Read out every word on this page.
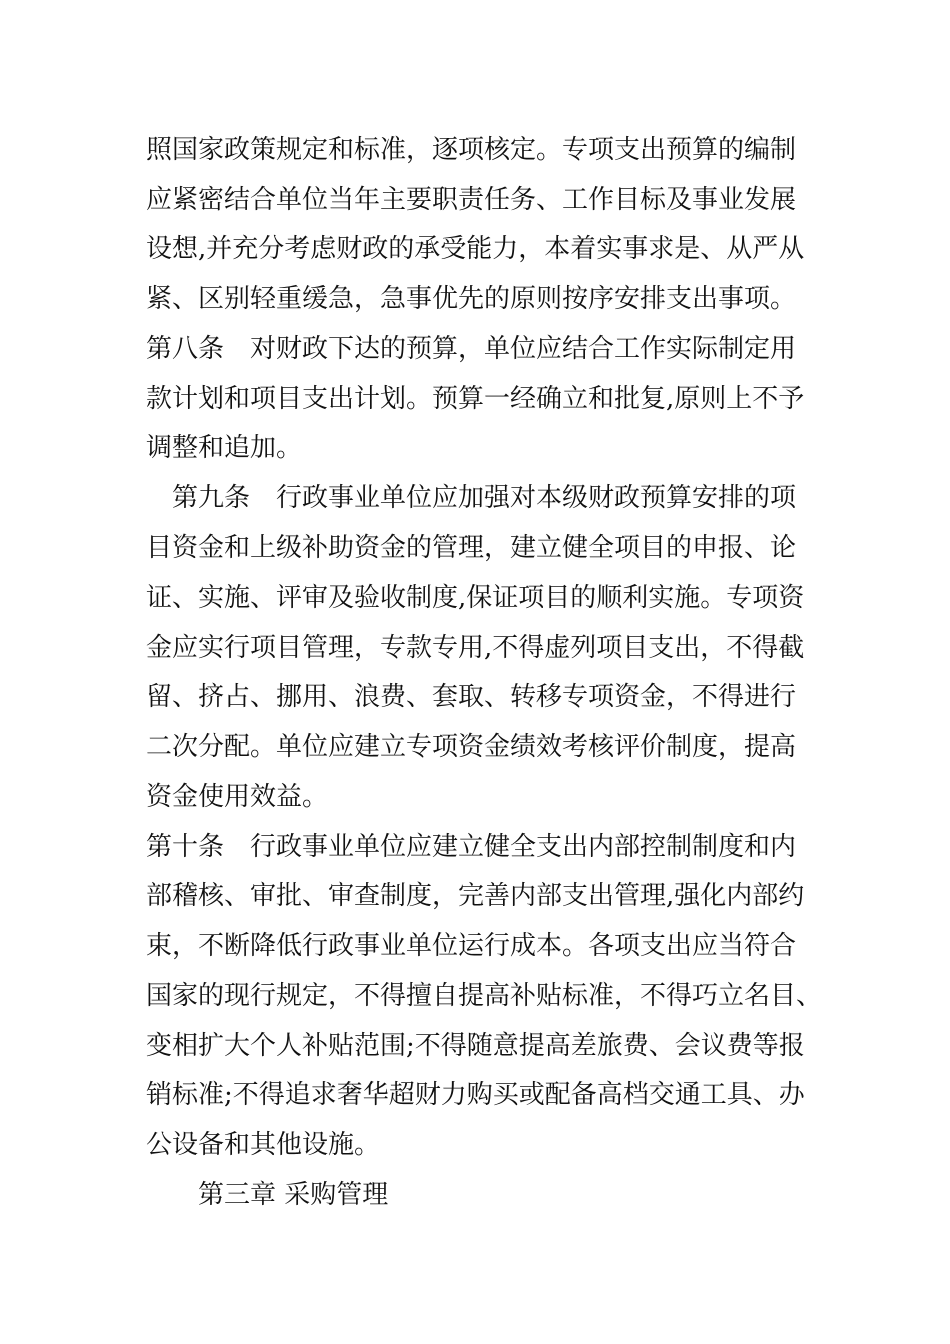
照国家政策规定和标准，逐项核定。专项支出预算的编制
应紧密结合单位当年主要职责任务、工作目标及事业发展
设想,并充分考虑财政的承受能力，本着实事求是、从严从
紧、区别轻重缓急，急事优先的原则按序安排支出事项。
第八条　对财政下达的预算，单位应结合工作实际制定用
款计划和项目支出计划。预算一经确立和批复,原则上不予
调整和追加。
　第九条　行政事业单位应加强对本级财政预算安排的项
目资金和上级补助资金的管理，建立健全项目的申报、论
证、实施、评审及验收制度,保证项目的顺利实施。专项资
金应实行项目管理，专款专用,不得虚列项目支出，不得截
留、挤占、挪用、浪费、套取、转移专项资金，不得进行
二次分配。单位应建立专项资金绩效考核评价制度，提高
资金使用效益。
第十条　行政事业单位应建立健全支出内部控制制度和内
部稽核、审批、审查制度，完善内部支出管理,强化内部约
束，不断降低行政事业单位运行成本。各项支出应当符合
国家的现行规定，不得擅自提高补贴标准，不得巧立名目、
变相扩大个人补贴范围;不得随意提高差旅费、会议费等报
销标准;不得追求奢华超财力购买或配备高档交通工具、办
公设备和其他设施。
　　第三章 采购管理
